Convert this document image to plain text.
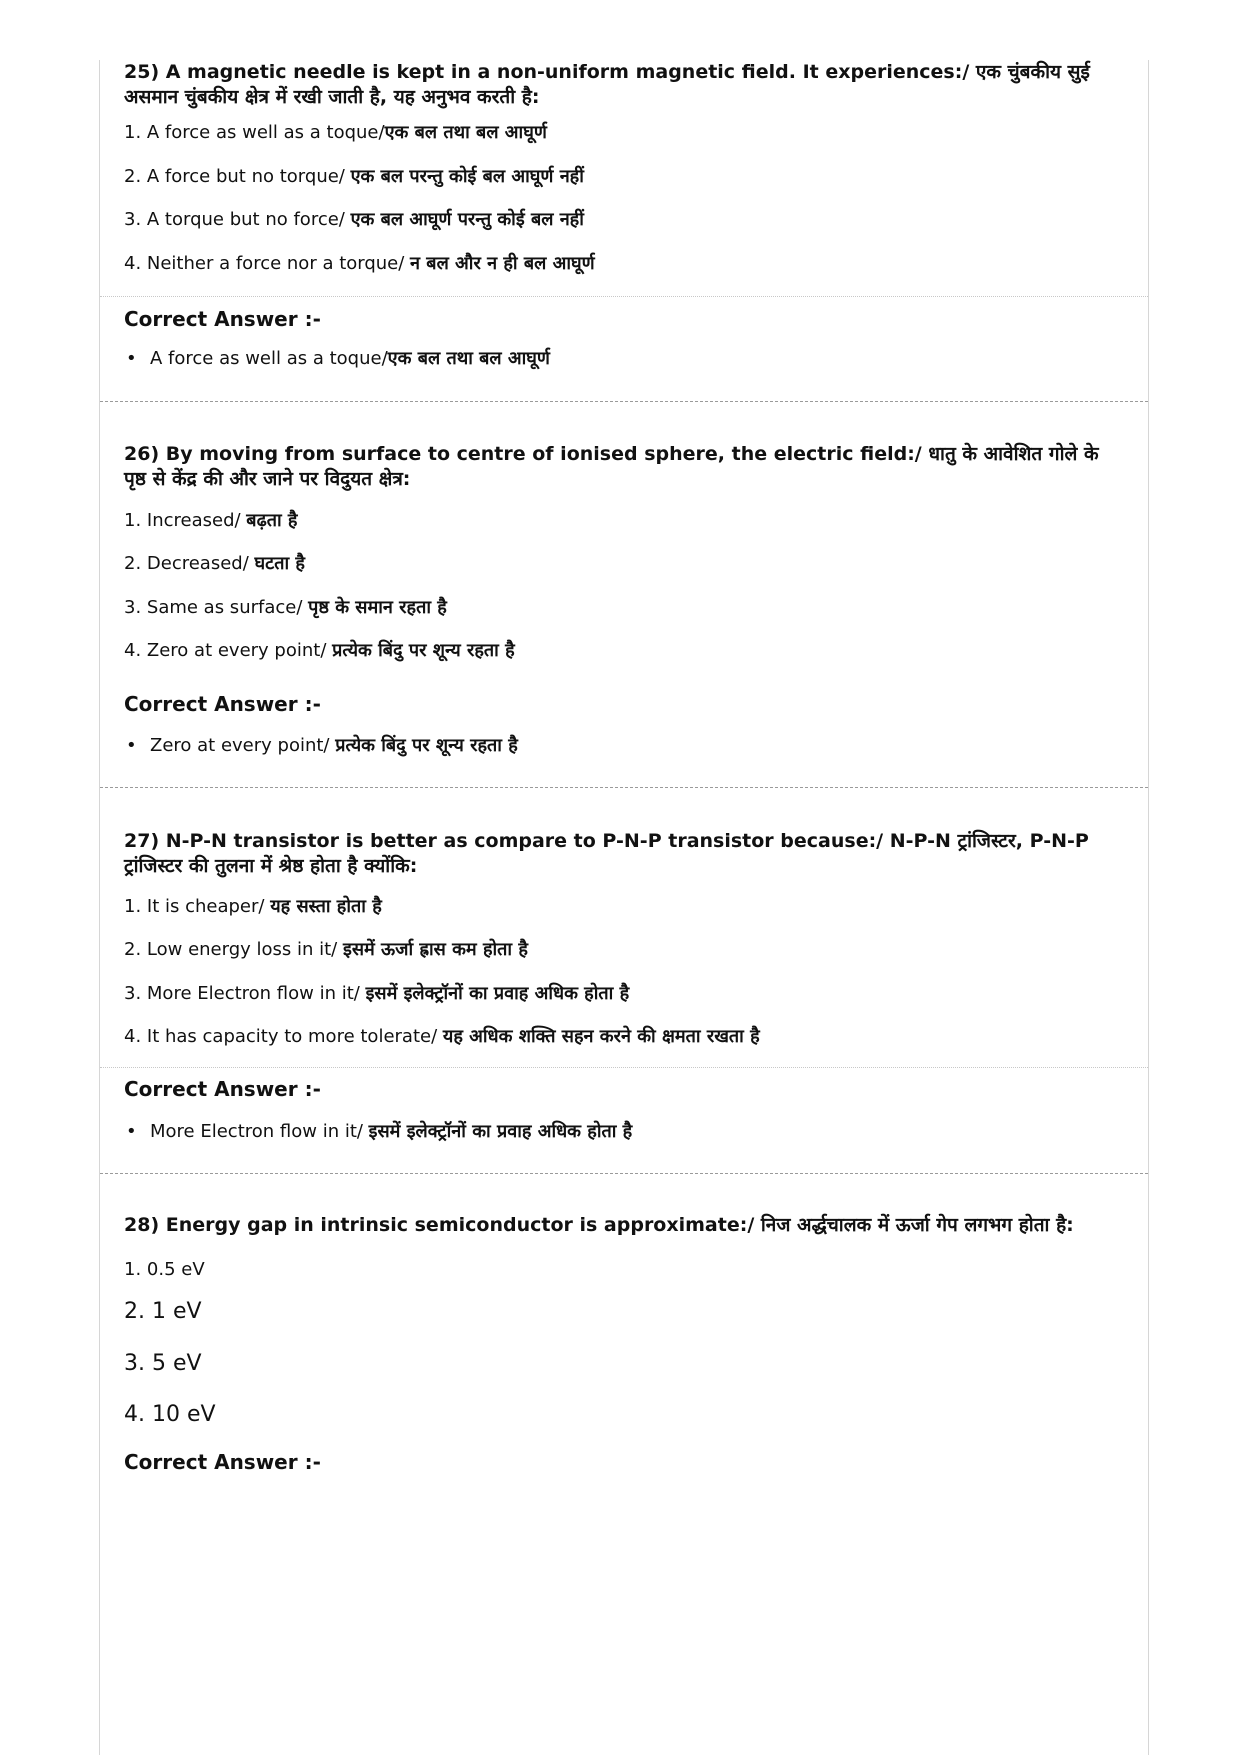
25) A magnetic needle is kept in a non-uniform magnetic field. It experiences:/ एक चुंबकीय सुई असमान चुंबकीय क्षेत्र में रखी जाती है, यह अनुभव करती है:
1. A force as well as a toque/एक बल तथा बल आघूर्ण
2. A force but no torque/ एक बल परन्तु कोई बल आघूर्ण नहीं
3. A torque but no force/ एक बल आघूर्ण परन्तु कोई बल नहीं
4. Neither a force nor a torque/ न बल और न ही बल आघूर्ण
Correct Answer :-
• A force as well as a toque/एक बल तथा बल आघूर्ण
26) By moving from surface to centre of ionised sphere, the electric field:/ धातु के आवेशित गोले के पृष्ठ से केंद्र की और जाने पर विदुयत क्षेत्र:
1. Increased/ बढ़ता है
2. Decreased/ घटता है
3. Same as surface/ पृष्ठ के समान रहता है
4. Zero at every point/ प्रत्येक बिंदु पर शून्य रहता है
Correct Answer :-
• Zero at every point/ प्रत्येक बिंदु पर शून्य रहता है
27) N-P-N transistor is better as compare to P-N-P transistor because:/ N-P-N ट्रांजिस्टर, P-N-P ट्रांजिस्टर की तुलना में श्रेष्ठ होता है क्योंकि:
1. It is cheaper/ यह सस्ता होता है
2. Low energy loss in it/ इसमें ऊर्जा ह्रास कम होता है
3. More Electron flow in it/ इसमें इलेक्ट्रॉनों का प्रवाह अधिक होता है
4. It has capacity to more tolerate/ यह अधिक शक्ति सहन करने की क्षमता रखता है
Correct Answer :-
• More Electron flow in it/ इसमें इलेक्ट्रॉनों का प्रवाह अधिक होता है
28) Energy gap in intrinsic semiconductor is approximate:/ निज अर्द्धचालक में ऊर्जा गेप लगभग होता है:
1. 0.5 eV
2. 1 eV
3. 5 eV
4. 10 eV
Correct Answer :-
